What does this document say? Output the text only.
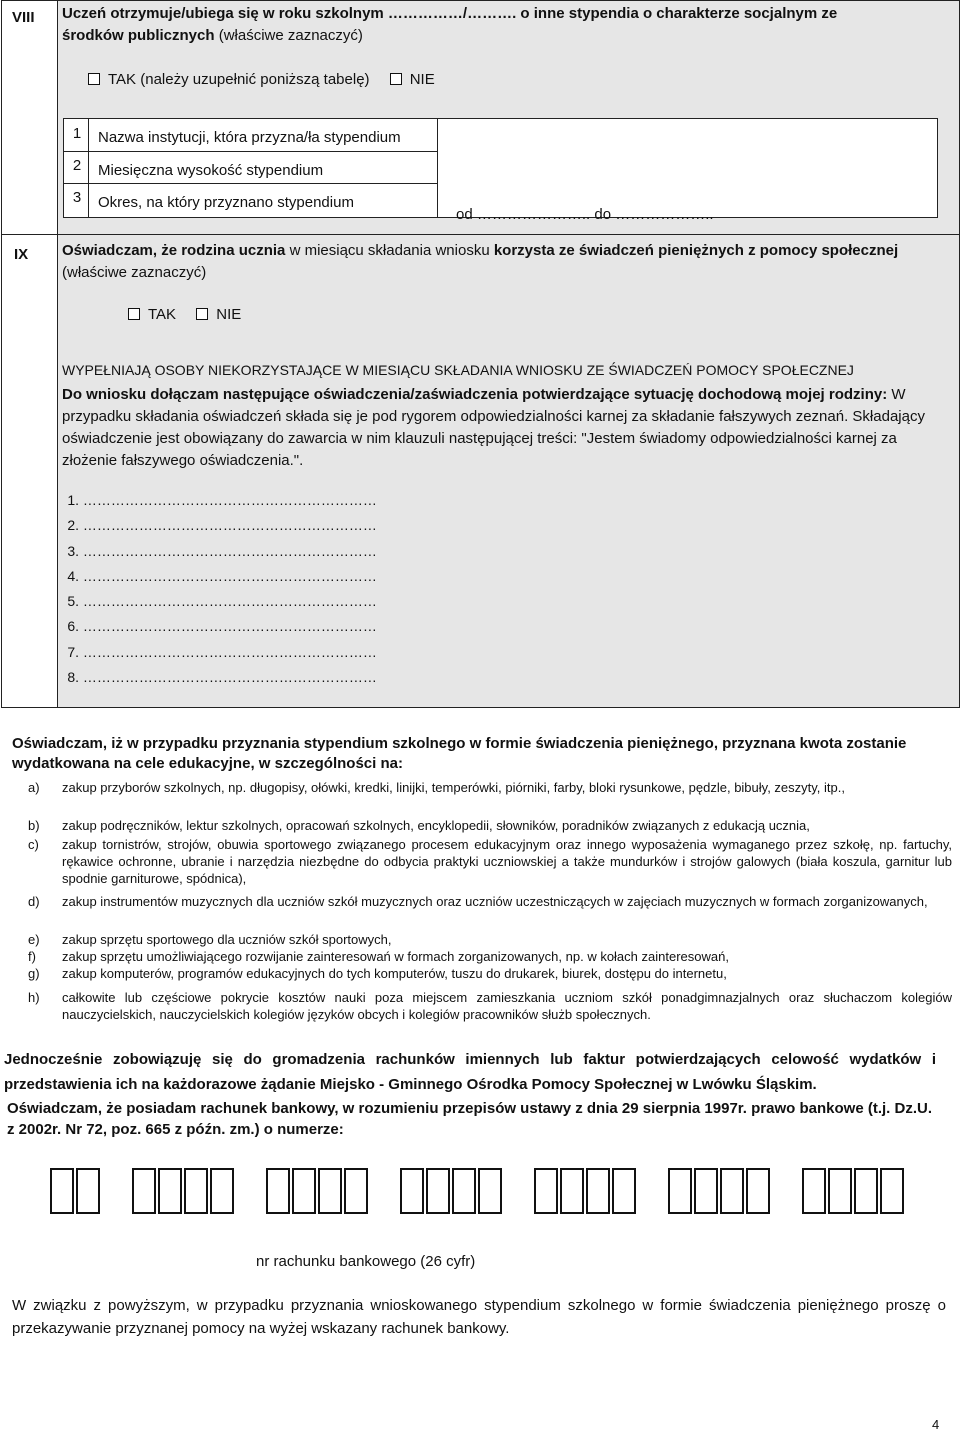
VIII Uczeń otrzymuje/ubiega się w roku szkolnym ……………/………. o inne stypendia o charakterze socjalnym ze
środków publicznych (właściwe zaznaczyć)
TAK (należy uzupełnić poniższą tabelę)	NIE
1	Nazwa instytucji, która przyzna/ła stypendium
2	Miesięczna wysokość stypendium
3	Okres, na który przyznano stypendium
od ………………….. do ………………..
IX Oświadczam, że rodzina ucznia w miesiącu składania wniosku korzysta ze świadczeń pieniężnych z pomocy społecznej
(właściwe zaznaczyć)
TAK	NIE
WYPEŁNIAJĄ OSOBY NIEKORZYSTAJĄCE W MIESIĄCU SKŁADANIA WNIOSKU ZE ŚWIADCZEŃ POMOCY SPOŁECZNEJ
Do wniosku dołączam następujące oświadczenia/zaświadczenia potwierdzające sytuację dochodową mojej rodziny: W przypadku składania oświadczeń składa się je pod rygorem odpowiedzialności karnej za składanie fałszywych zeznań. Składający oświadczenie jest obowiązany do zawarcia w nim klauzuli następującej treści: "Jestem świadomy odpowiedzialności karnej za złożenie fałszywego oświadczenia.".
1. ………………………………………………………
2. ………………………………………………………
3. ………………………………………………………
4. ………………………………………………………
5. ………………………………………………………
6. ………………………………………………………
7. ………………………………………………………
8. ………………………………………………………
Oświadczam, iż w przypadku przyznania stypendium szkolnego w formie świadczenia pieniężnego, przyznana kwota zostanie wydatkowana na cele edukacyjne, w szczególności na:
a)	zakup przyborów szkolnych, np. długopisy, ołówki, kredki, linijki, temperówki, piórniki, farby, bloki rysunkowe, pędzle, bibuły, zeszyty, itp.,
b)	zakup podręczników, lektur szkolnych, opracowań szkolnych, encyklopedii, słowników, poradników związanych z edukacją ucznia,
c)	zakup tornistrów, strojów, obuwia sportowego związanego procesem edukacyjnym oraz innego wyposażenia wymaganego przez szkołę, np. fartuchy, rękawice ochronne, ubranie i narzędzia niezbędne do odbycia praktyki uczniowskiej a także mundurków i strojów galowych (biała koszula, garnitur lub spodnie garniturowe, spódnica),
d)	zakup instrumentów muzycznych dla uczniów szkół muzycznych oraz uczniów uczestniczących w zajęciach muzycznych w formach zorganizowanych,
e)	zakup sprzętu sportowego dla uczniów szkół sportowych,
f)	zakup sprzętu umożliwiającego rozwijanie zainteresowań w formach zorganizowanych, np. w kołach zainteresowań,
g)	zakup komputerów, programów edukacyjnych do tych komputerów, tuszu do drukarek, biurek, dostępu do internetu,
h)	całkowite lub częściowe pokrycie kosztów nauki poza miejscem zamieszkania uczniom szkół ponadgimnazjalnych oraz słuchaczom kolegiów nauczycielskich, nauczycielskich kolegiów języków obcych i kolegiów pracowników służb społecznych.
Jednocześnie zobowiązuję się do gromadzenia rachunków imiennych lub faktur potwierdzających celowość wydatków i przedstawienia ich na każdorazowe żądanie Miejsko - Gminnego Ośrodka Pomocy Społecznej w Lwówku Śląskim.
Oświadczam, że posiadam rachunek bankowy, w rozumieniu przepisów ustawy z dnia 29 sierpnia 1997r. prawo bankowe (t.j. Dz.U. z 2002r. Nr 72, poz. 665 z późn. zm.) o numerze:
nr rachunku bankowego (26 cyfr)
W związku z powyższym, w przypadku przyznania wnioskowanego stypendium szkolnego w formie świadczenia pieniężnego proszę o przekazywanie przyznanej pomocy na wyżej wskazany rachunek bankowy.
4
